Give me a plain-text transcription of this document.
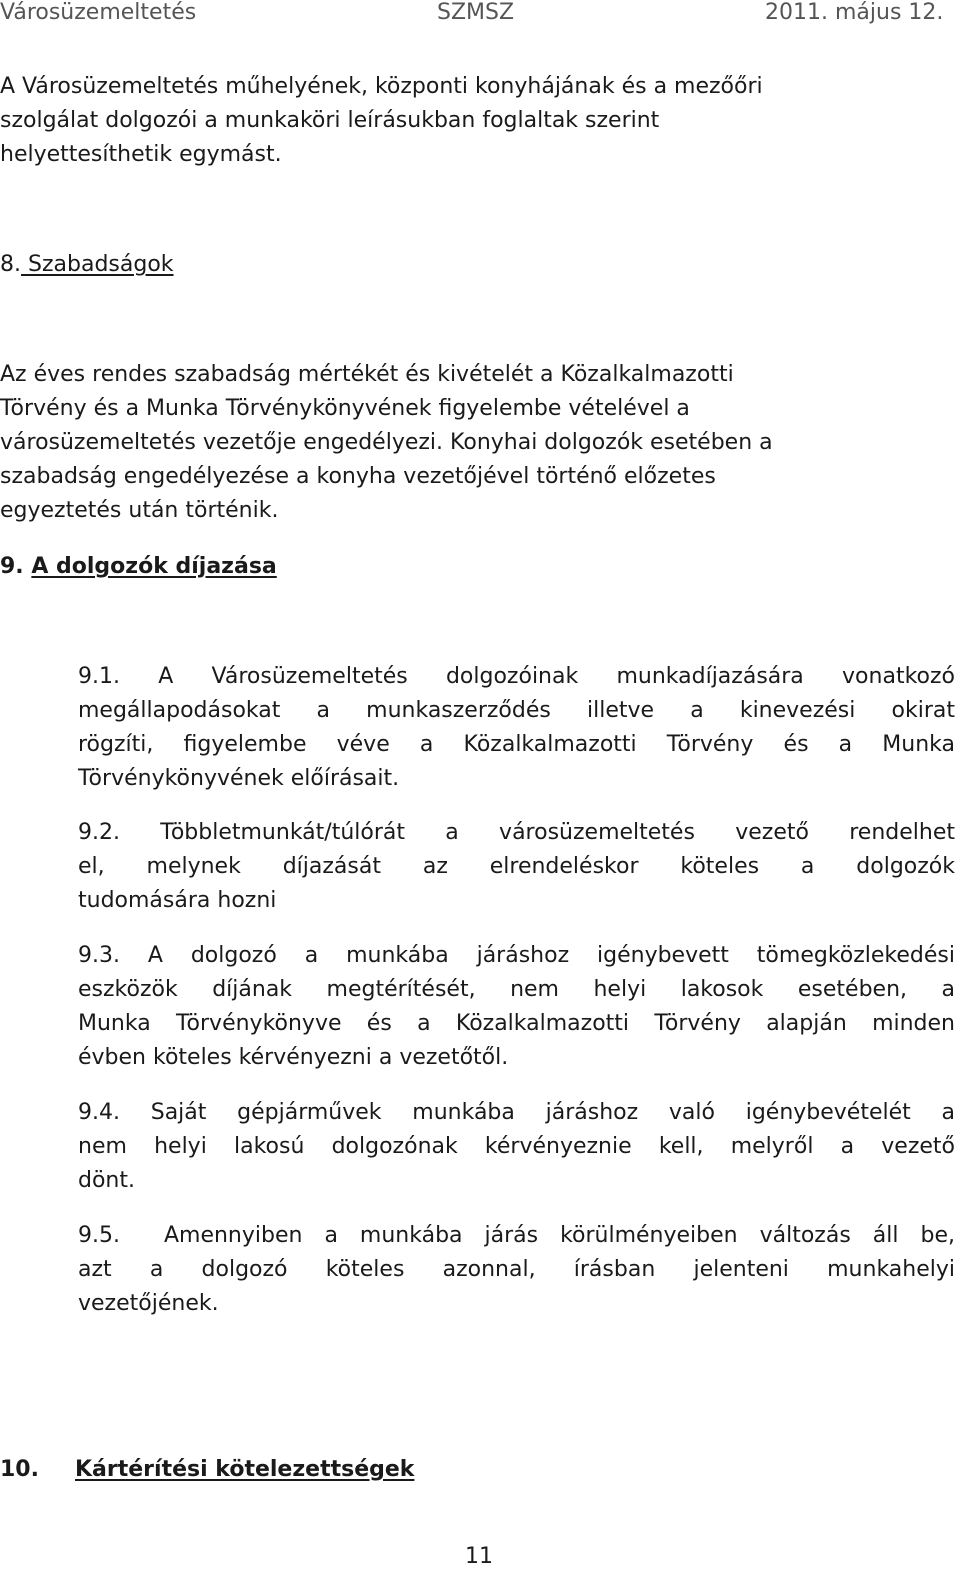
Városüzemeltetés	SZMSZ	2011. május 12.
A Városüzemeltetés műhelyének, központi konyhájának és a mezőőri
szolgálat dolgozói a munkaköri leírásukban foglaltak szerint
helyettesíthetik egymást.
8. Szabadságok
Az éves rendes szabadság mértékét és kivételét a Közalkalmazotti
Törvény és a Munka Törvénykönyvének figyelembe vételével a
városüzemeltetés vezetője engedélyezi. Konyhai dolgozók esetében a
szabadság engedélyezése a konyha vezetőjével történő előzetes
egyeztetés után történik.
9. A dolgozók díjazása
9.1. A Városüzemeltetés dolgozóinak munkadíjazására vonatkozó
megállapodásokat a munkaszerződés illetve a kinevezési okirat
rögzíti, figyelembe véve a Közalkalmazotti Törvény és a Munka
Törvénykönyvének előírásait.
9.2. Többletmunkát/túlórát a városüzemeltetés vezető rendelhet
el, melynek díjazását az elrendeléskor köteles a dolgozók
tudomására hozni
9.3. A dolgozó a munkába járáshoz igénybevett tömegközlekedési
eszközök díjának megtérítését, nem helyi lakosok esetében, a
Munka Törvénykönyve és a Közalkalmazotti Törvény alapján minden
évben köteles kérvényezni a vezetőtől.
9.4. Saját gépjárművek munkába járáshoz való igénybevételét a
nem helyi lakosú dolgozónak kérvényeznie kell, melyről a vezető
dönt.
9.5. Amennyiben a munkába járás körülményeiben változás áll be,
azt a dolgozó köteles azonnal, írásban jelenteni munkahelyi
vezetőjének.
10. Kártérítési kötelezettségek
11
